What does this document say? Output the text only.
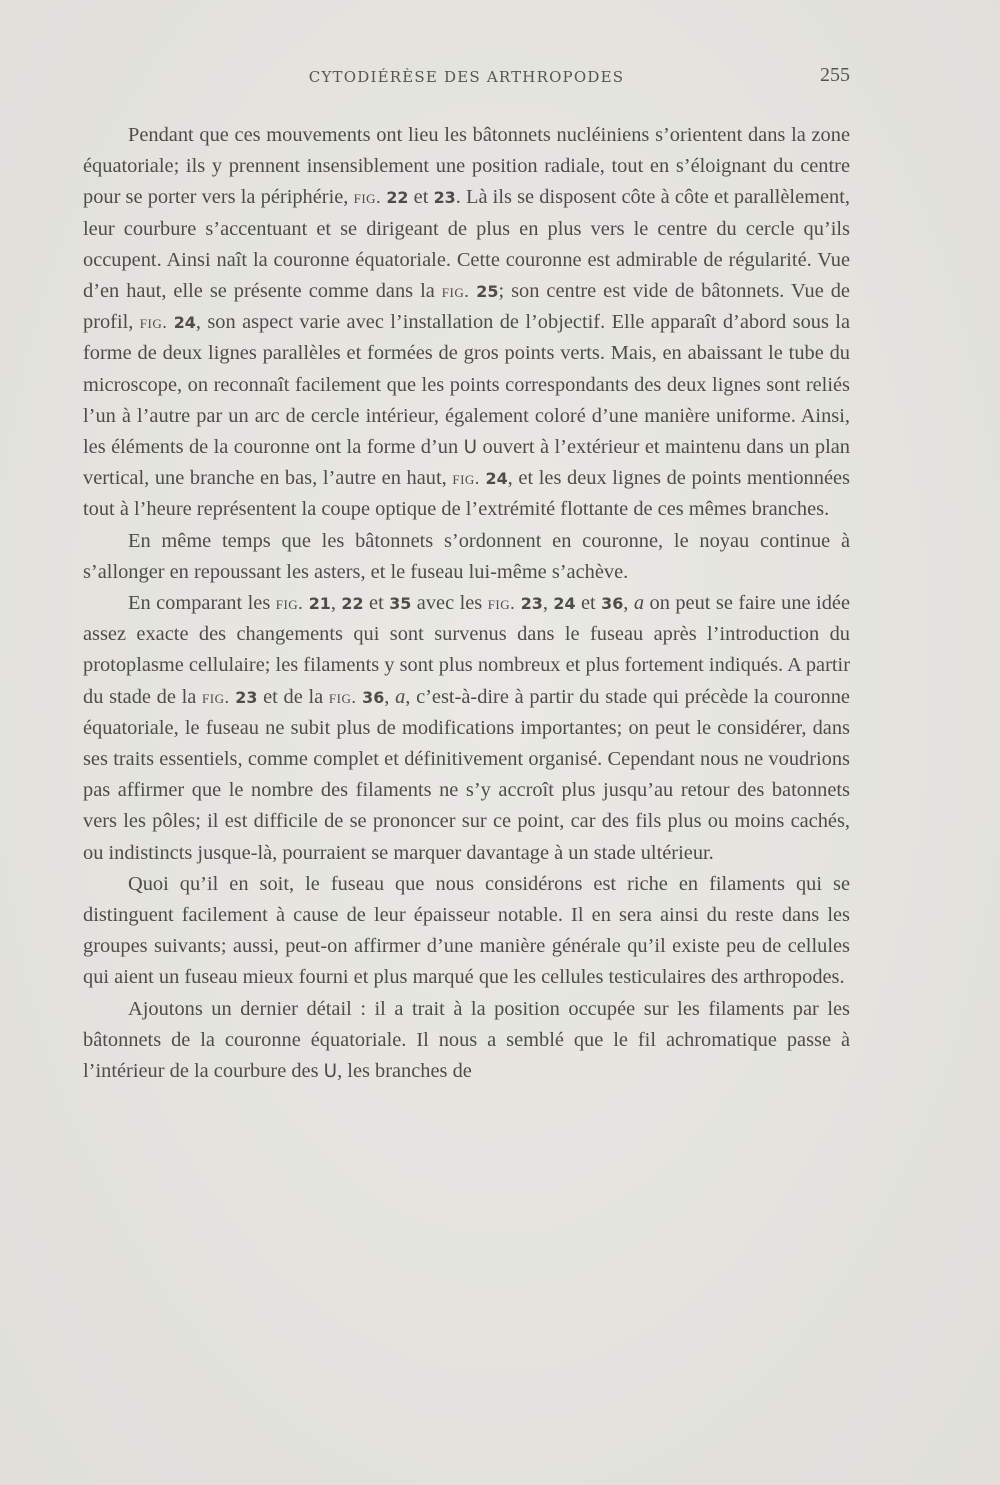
CYTODIÉRÈSE DES ARTHROPODES	255

Pendant que ces mouvements ont lieu les bâtonnets nucléiniens s’orientent dans la zone équatoriale; ils y prennent insensiblement une position radiale, tout en s’éloignant du centre pour se porter vers la périphérie, fig. 22 et 23. Là ils se disposent côte à côte et parallèlement, leur courbure s’accentuant et se dirigeant de plus en plus vers le centre du cercle qu’ils occupent. Ainsi naît la couronne équatoriale. Cette couronne est admirable de régularité. Vue d’en haut, elle se présente comme dans la fig. 25; son centre est vide de bâtonnets. Vue de profil, fig. 24, son aspect varie avec l’installation de l’objectif. Elle apparaît d’abord sous la forme de deux lignes parallèles et formées de gros points verts. Mais, en abaissant le tube du microscope, on reconnaît facilement que les points correspondants des deux lignes sont reliés l’un à l’autre par un arc de cercle intérieur, également coloré d’une manière uniforme. Ainsi, les éléments de la couronne ont la forme d’un U ouvert à l’extérieur et maintenu dans un plan vertical, une branche en bas, l’autre en haut, fig. 24, et les deux lignes de points mentionnées tout à l’heure représentent la coupe optique de l’extrémité flottante de ces mêmes branches.

En même temps que les bâtonnets s’ordonnent en couronne, le noyau continue à s’allonger en repoussant les asters, et le fuseau lui-même s’achève.

En comparant les fig. 21, 22 et 35 avec les fig. 23, 24 et 36, a on peut se faire une idée assez exacte des changements qui sont survenus dans le fuseau après l’introduction du protoplasme cellulaire; les filaments y sont plus nombreux et plus fortement indiqués. A partir du stade de la fig. 23 et de la fig. 36, a, c’est-à-dire à partir du stade qui précède la couronne équatoriale, le fuseau ne subit plus de modifications importantes; on peut le considérer, dans ses traits essentiels, comme complet et définitivement organisé. Cependant nous ne voudrions pas affirmer que le nombre des filaments ne s’y accroît plus jusqu’au retour des batonnets vers les pôles; il est difficile de se prononcer sur ce point, car des fils plus ou moins cachés, ou indistincts jusque-là, pourraient se marquer davantage à un stade ultérieur.

Quoi qu’il en soit, le fuseau que nous considérons est riche en filaments qui se distinguent facilement à cause de leur épaisseur notable. Il en sera ainsi du reste dans les groupes suivants; aussi, peut-on affirmer d’une manière générale qu’il existe peu de cellules qui aient un fuseau mieux fourni et plus marqué que les cellules testiculaires des arthropodes.

Ajoutons un dernier détail : il a trait à la position occupée sur les filaments par les bâtonnets de la couronne équatoriale. Il nous a semblé que le fil achromatique passe à l’intérieur de la courbure des U, les branches de
